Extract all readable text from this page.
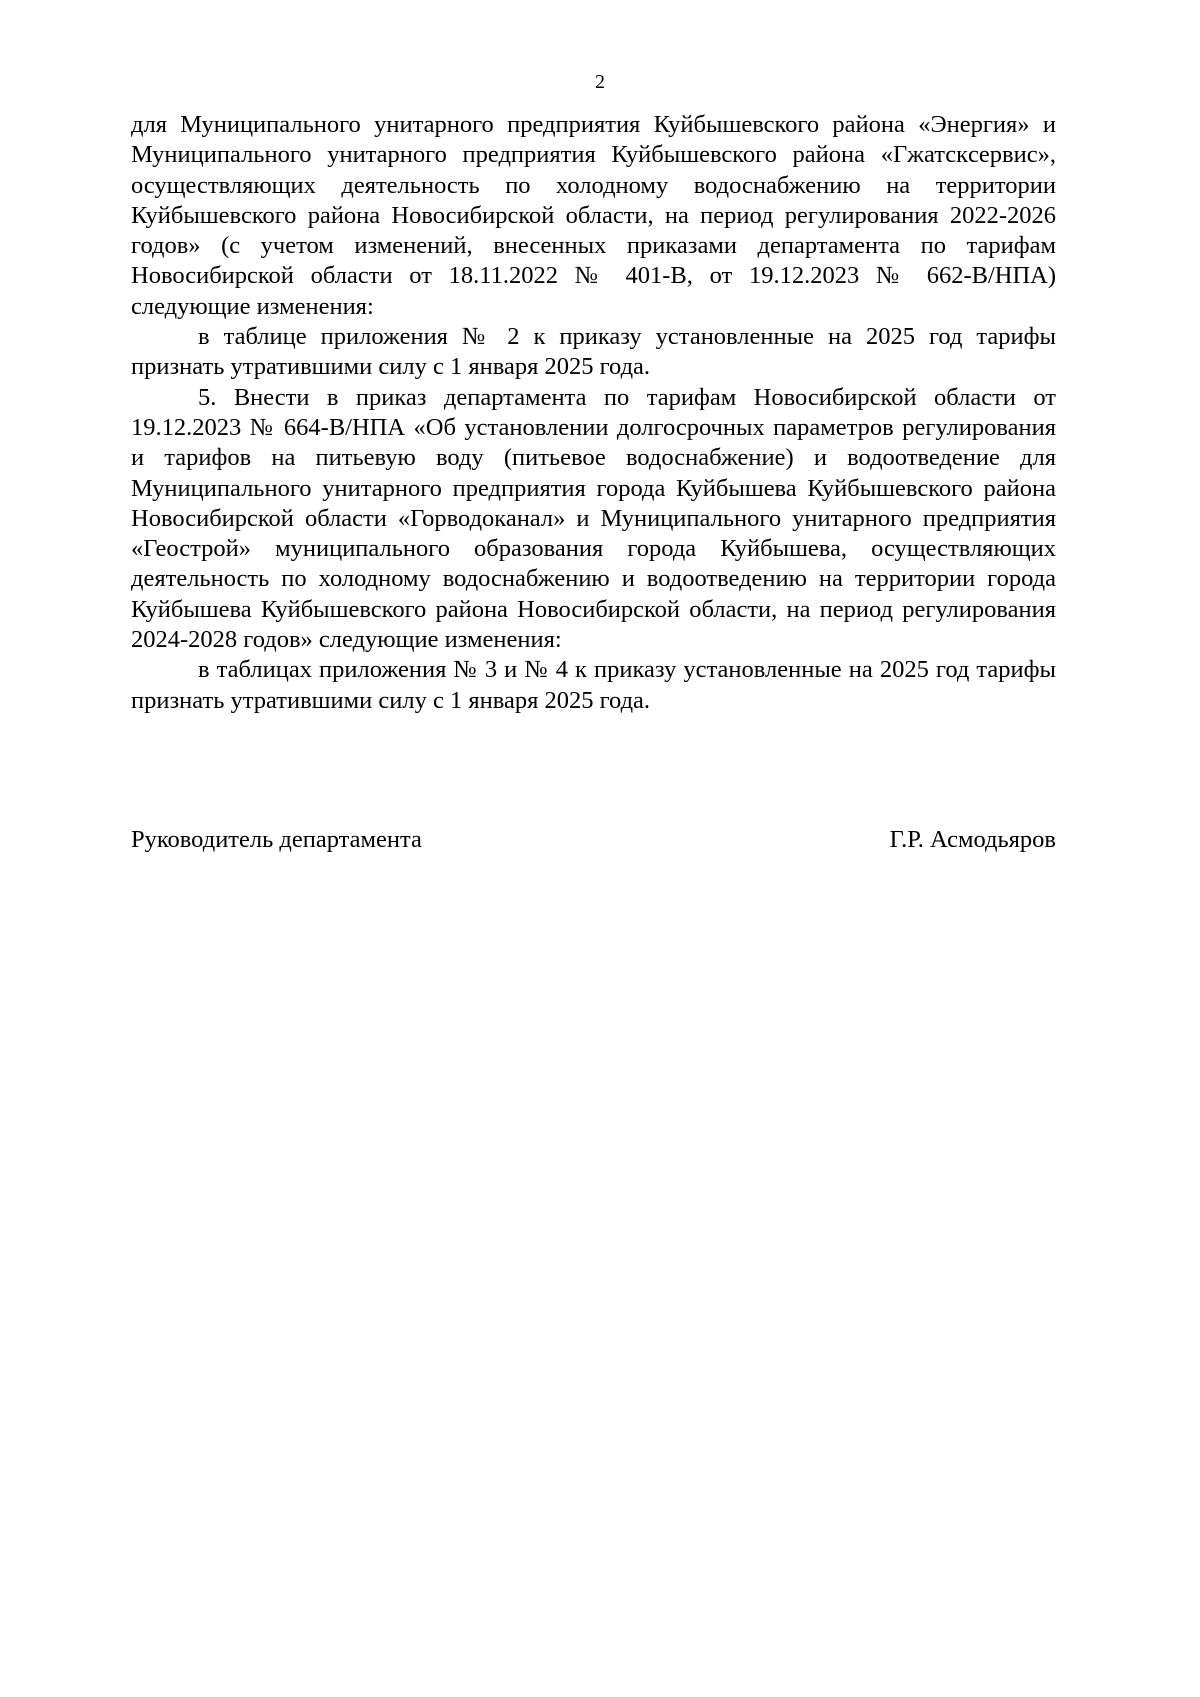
2

для Муниципального унитарного предприятия Куйбышевского района «Энергия» и Муниципального унитарного предприятия Куйбышевского района «Гжатскcервис», осуществляющих деятельность по холодному водоснабжению на территории Куйбышевского района Новосибирской области, на период регулирования 2022-2026 годов» (с учетом изменений, внесенных приказами департамента по тарифам Новосибирской области от 18.11.2022 № 401-В, от 19.12.2023 № 662-В/НПА) следующие изменения:

в таблице приложения № 2 к приказу установленные на 2025 год тарифы признать утратившими силу с 1 января 2025 года.

5. Внести в приказ департамента по тарифам Новосибирской области от 19.12.2023 № 664-В/НПА «Об установлении долгосрочных параметров регулирования и тарифов на питьевую воду (питьевое водоснабжение) и водоотведение для Муниципального унитарного предприятия города Куйбышева Куйбышевского района Новосибирской области «Горводоканал» и Муниципального унитарного предприятия «Геострой» муниципального образования города Куйбышева, осуществляющих деятельность по холодному водоснабжению и водоотведению на территории города Куйбышева Куйбышевского района Новосибирской области, на период регулирования 2024-2028 годов» следующие изменения:

в таблицах приложения № 3 и № 4 к приказу установленные на 2025 год тарифы признать утратившими силу с 1 января 2025 года.

Руководитель департамента	Г.Р. Асмодьяров
